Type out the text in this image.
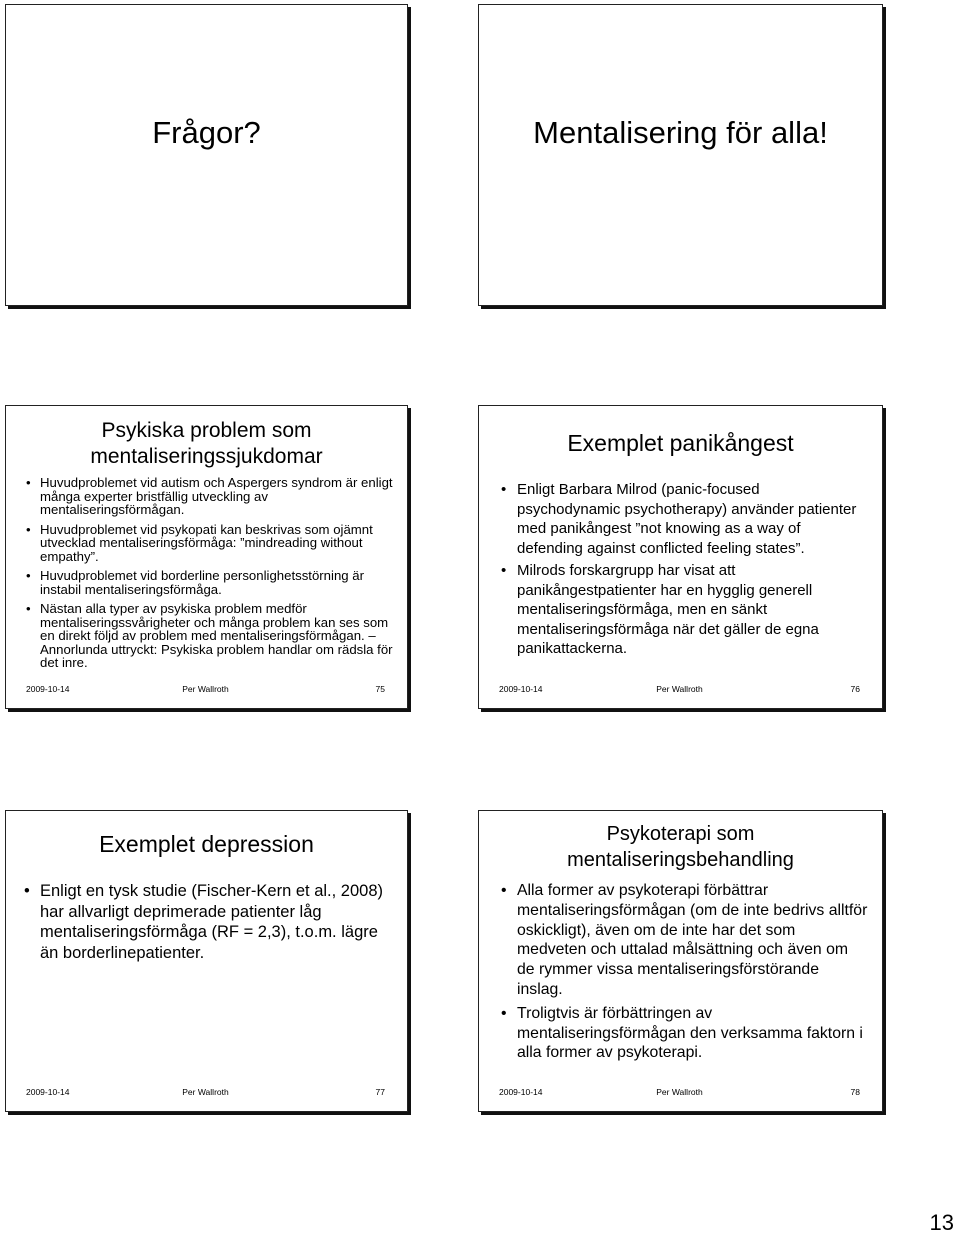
Frågor?	Mentalisering för alla!
Psykiska problem som
mentaliseringssjukdomar
• Huvudproblemet vid autism och Aspergers syndrom är enligt många experter bristfällig utveckling av mentaliseringsförmågan.
• Huvudproblemet vid psykopati kan beskrivas som ojämnt utvecklad mentaliseringsförmåga: ”mindreading without empathy”.
• Huvudproblemet vid borderline personlighetsstörning är instabil mentaliseringsförmåga.
• Nästan alla typer av psykiska problem medför mentaliseringssvårigheter och många problem kan ses som en direkt följd av problem med mentaliseringsförmågan. – Annorlunda uttryckt: Psykiska problem handlar om rädsla för det inre.
2009-10-14	Per Wallroth	75
Exemplet panikångest
• Enligt Barbara Milrod (panic-focused psychodynamic psychotherapy) använder patienter med panikångest ”not knowing as a way of defending against conflicted feeling states”.
• Milrods forskargrupp har visat att panikångestpatienter har en hygglig generell mentaliseringsförmåga, men en sänkt mentaliseringsförmåga när det gäller de egna panikattackerna.
2009-10-14	Per Wallroth	76
Exemplet depression
• Enligt en tysk studie (Fischer-Kern et al., 2008) har allvarligt deprimerade patienter låg mentaliseringsförmåga (RF = 2,3), t.o.m. lägre än borderlinepatienter.
2009-10-14	Per Wallroth	77
Psykoterapi som
mentaliseringsbehandling
• Alla former av psykoterapi förbättrar mentaliseringsförmågan (om de inte bedrivs alltför oskickligt), även om de inte har det som medveten och uttalad målsättning och även om de rymmer vissa mentaliseringsförstörande inslag.
• Troligtvis är förbättringen av mentaliseringsförmågan den verksamma faktorn i alla former av psykoterapi.
2009-10-14	Per Wallroth	78
13
